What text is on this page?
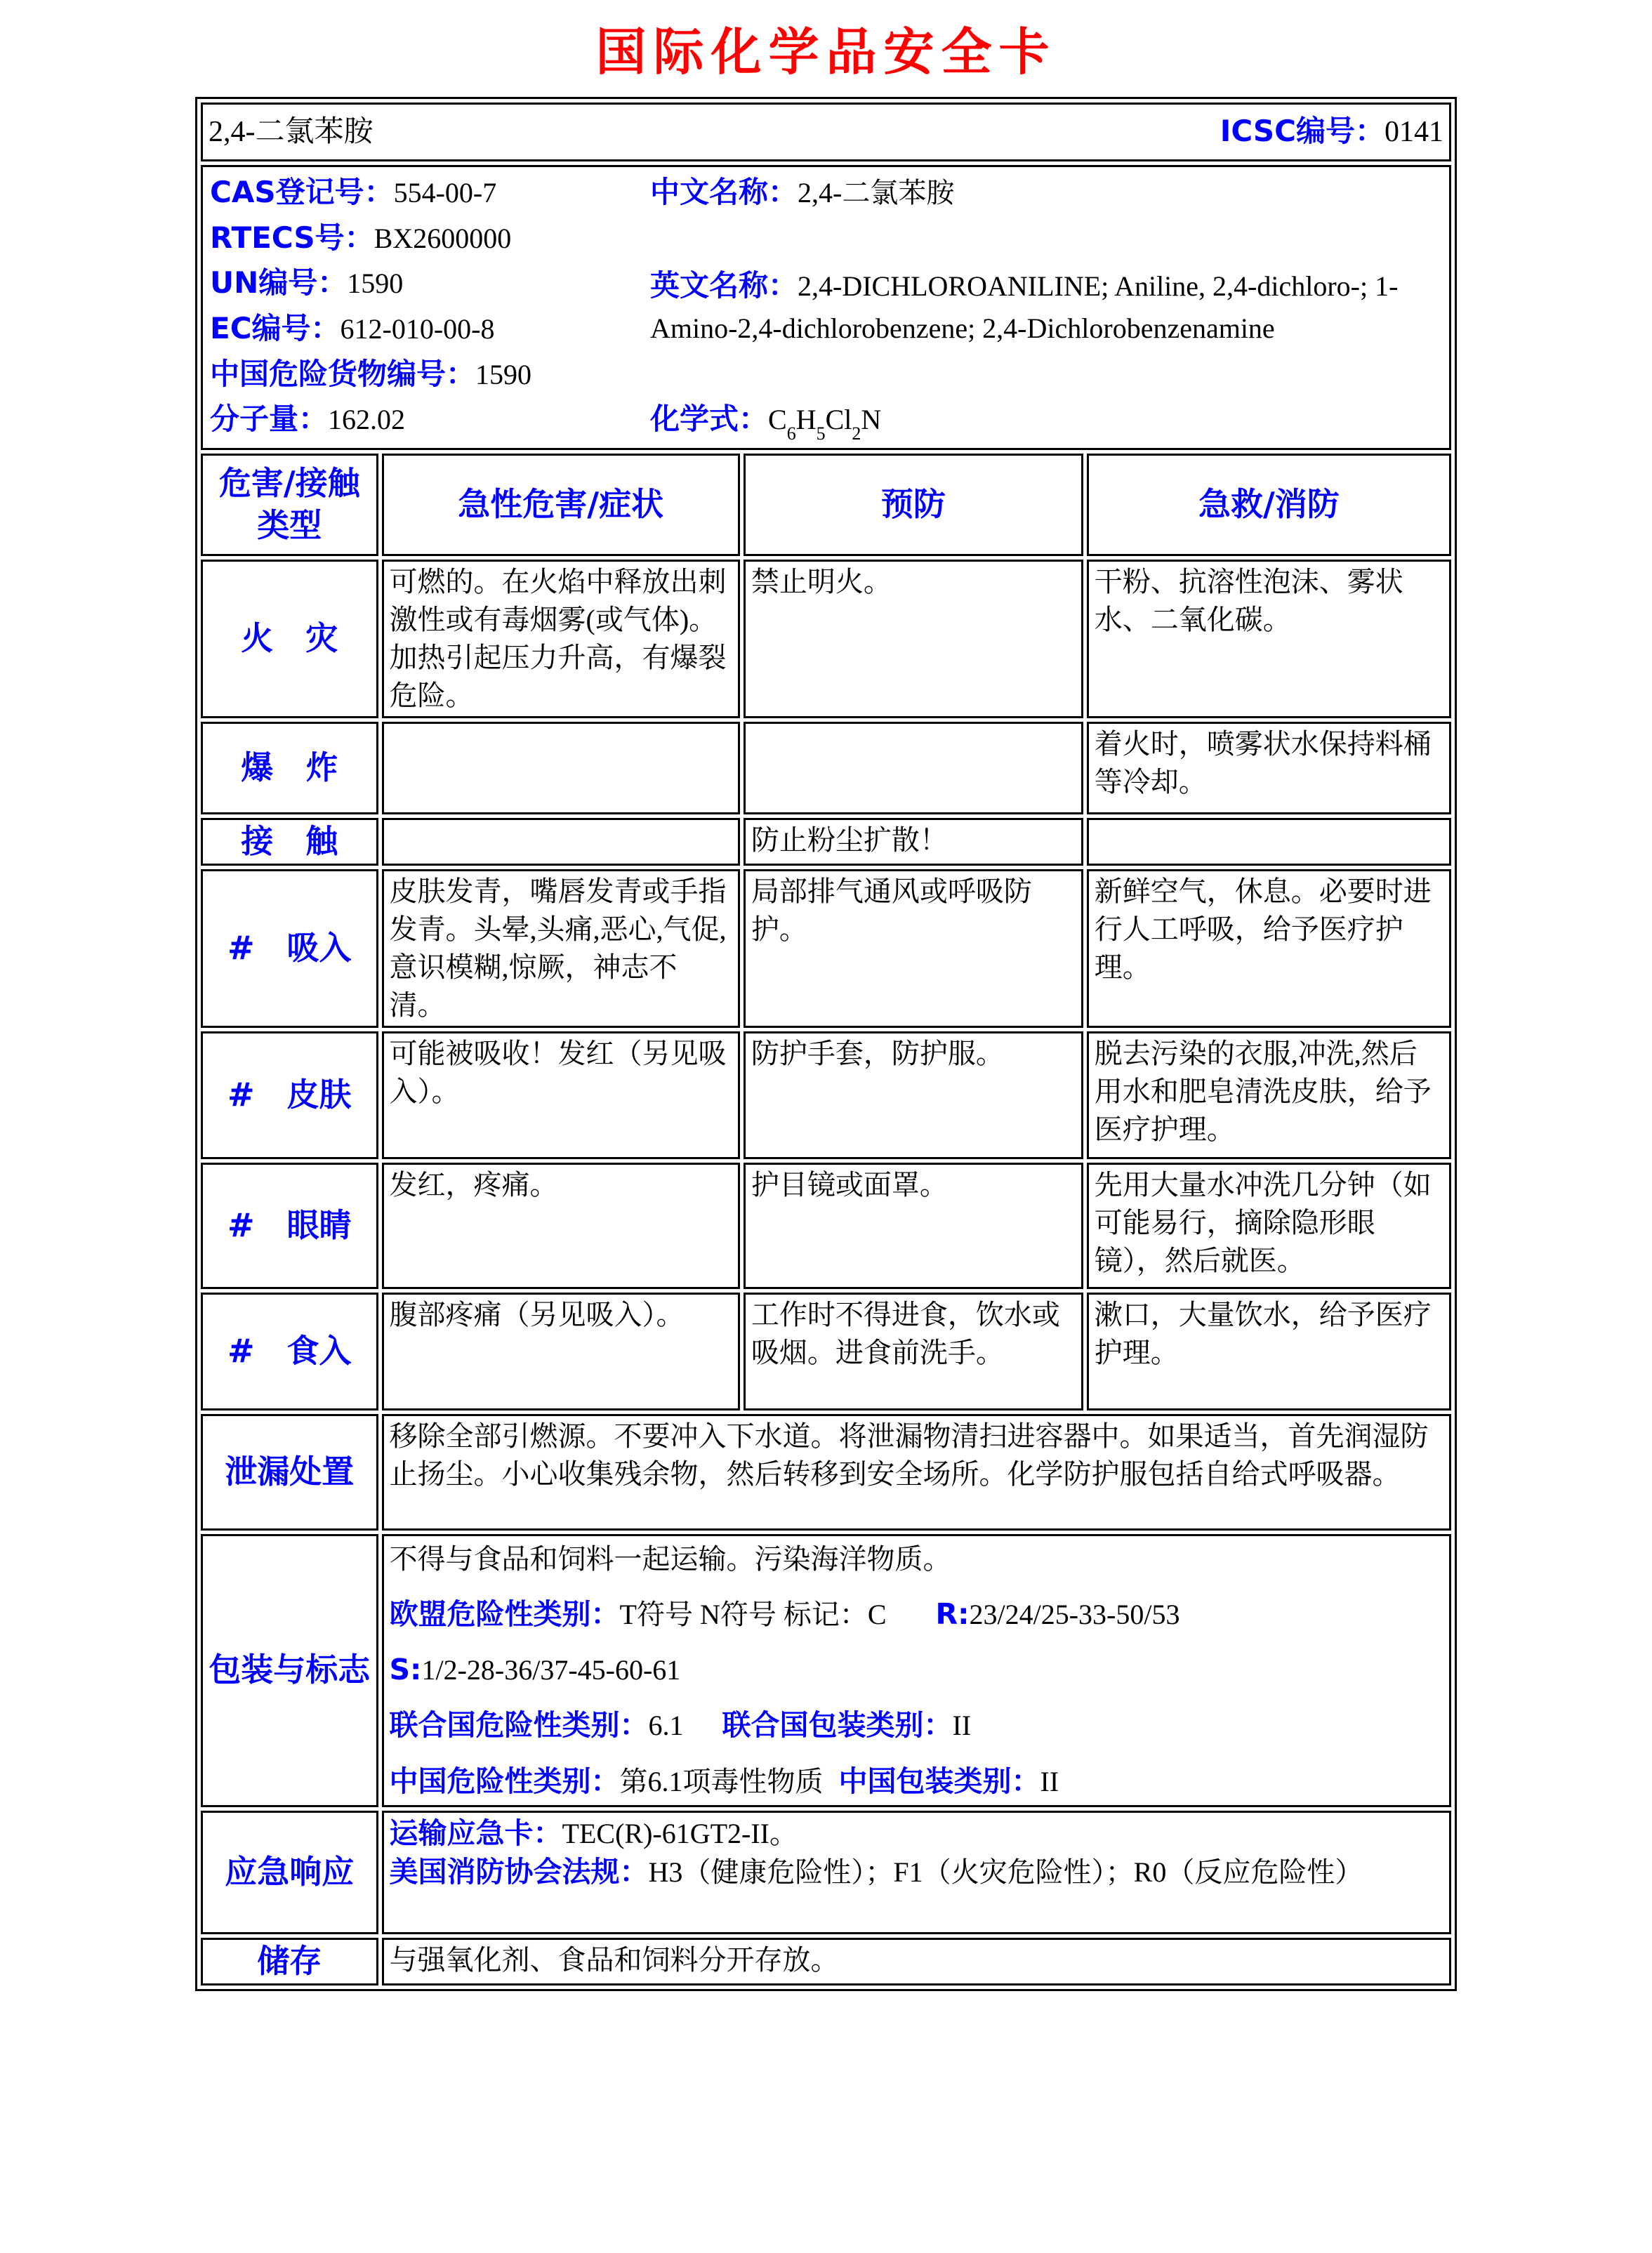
国际化学品安全卡
2,4-二氯苯胺 ICSC编号：0141			

CAS登记号：554-00-7
RTECS号：BX2600000
UN编号：1590
EC编号：612-010-00-8
中国危险货物编号：1590
分子量：162.02
中文名称：2,4-二氯苯胺
英文名称：2,4-DICHLOROANILINE; Aniline, 2,4-dichloro-; 1-Amino-2,4-dichlorobenzene; 2,4-Dichlorobenzenamine
化学式：$C_6H_5Cl_2N$

危害/接触类型	急性危害/症状	预防	急救/消防
火　灾	可燃的。在火焰中释放出刺激性或有毒烟雾(或气体)。加热引起压力升高，有爆裂危险。	禁止明火。	干粉、抗溶性泡沫、雾状水、二氧化碳。
爆　炸			着火时，喷雾状水保持料桶等冷却。
接　触		防止粉尘扩散！	
#　吸入	皮肤发青，嘴唇发青或手指发青。头晕,头痛,恶心,气促,意识模糊,惊厥，神志不清。	局部排气通风或呼吸防护。	新鲜空气，休息。必要时进行人工呼吸，给予医疗护理。
#　皮肤	可能被吸收！发红（另见吸入）。	防护手套，防护服。	脱去污染的衣服,冲洗,然后用水和肥皂清洗皮肤，给予医疗护理。
#　眼睛	发红，疼痛。	护目镜或面罩。	先用大量水冲洗几分钟（如可能易行，摘除隐形眼镜），然后就医。
#　食入	腹部疼痛（另见吸入）。	工作时不得进食，饮水或吸烟。进食前洗手。	漱口，大量饮水，给予医疗护理。
泄漏处置	移除全部引燃源。不要冲入下水道。将泄漏物清扫进容器中。如果适当，首先润湿防止扬尘。小心收集残余物，然后转移到安全场所。化学防护服包括自给式呼吸器。		
包装与标志	不得与食品和饲料一起运输。污染海洋物质。
欧盟危险性类别：T符号 N符号 标记：C R:23/24/25-33-50/53
S:1/2-28-36/37-45-60-61
联合国危险性类别：6.1 联合国包装类别：II
中国危险性类别：第6.1项毒性物质 中国包装类别：II		

应急响应	运输应急卡：TEC(R)-61GT2-II。
美国消防协会法规：H3（健康危险性）；F1（火灾危险性）；R0（反应危险性）		

储存	与强氧化剂、食品和饲料分开存放。		
